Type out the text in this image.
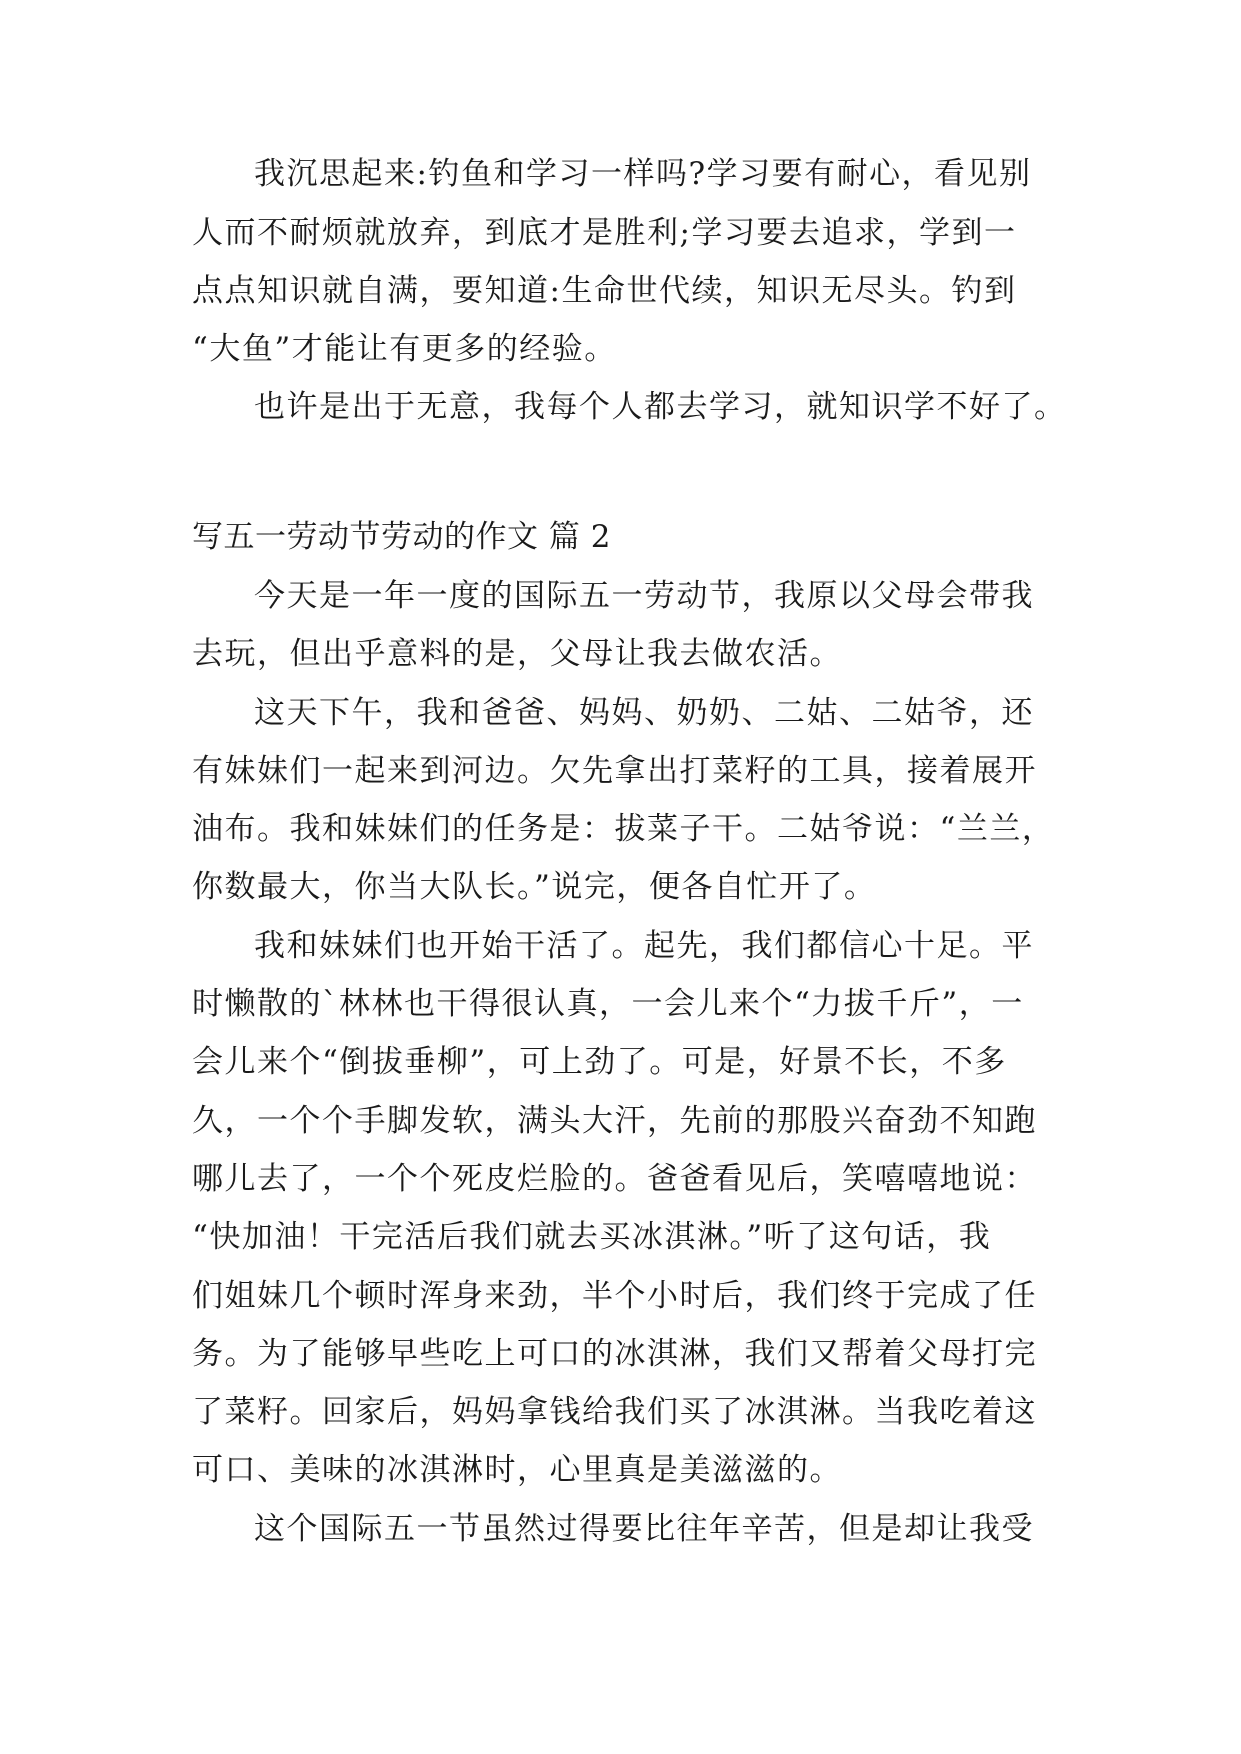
我沉思起来:钓鱼和学习一样吗?学习要有耐心，看见别
人而不耐烦就放弃，到底才是胜利;学习要去追求，学到一
点点知识就自满，要知道:生命世代续，知识无尽头。钓到
“大鱼”才能让有更多的经验。
也许是出于无意，我每个人都去学习，就知识学不好了。
写五一劳动节劳动的作文 篇 2
今天是一年一度的国际五一劳动节，我原以父母会带我
去玩，但出乎意料的是，父母让我去做农活。
这天下午，我和爸爸、妈妈、奶奶、二姑、二姑爷，还
有妹妹们一起来到河边。欠先拿出打菜籽的工具，接着展开
油布。我和妹妹们的任务是：拔菜子干。二姑爷说：“兰兰，
你数最大，你当大队长。”说完，便各自忙开了。
我和妹妹们也开始干活了。起先，我们都信心十足。平
时懒散的`林林也干得很认真，一会儿来个“力拔千斤”，一
会儿来个“倒拔垂柳”，可上劲了。可是，好景不长，不多
久，一个个手脚发软，满头大汗，先前的那股兴奋劲不知跑
哪儿去了，一个个死皮烂脸的。爸爸看见后，笑嘻嘻地说：
“快加油！干完活后我们就去买冰淇淋。”听了这句话，我
们姐妹几个顿时浑身来劲，半个小时后，我们终于完成了任
务。为了能够早些吃上可口的冰淇淋，我们又帮着父母打完
了菜籽。回家后，妈妈拿钱给我们买了冰淇淋。当我吃着这
可口、美味的冰淇淋时，心里真是美滋滋的。
这个国际五一节虽然过得要比往年辛苦，但是却让我受
